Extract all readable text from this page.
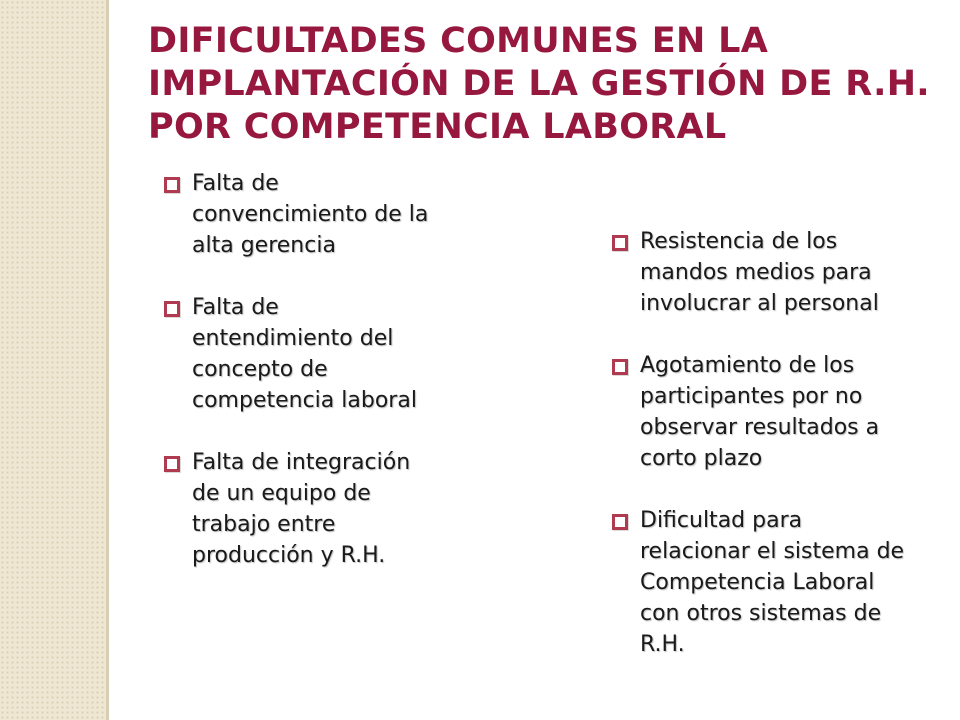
DIFICULTADES COMUNES EN LA IMPLANTACIÓN DE LA GESTIÓN DE R.H. POR COMPETENCIA LABORAL
Falta de convencimiento de la alta gerencia
Falta de entendimiento del concepto de competencia laboral
Falta de integración de un equipo de trabajo entre producción y R.H.
Resistencia de los mandos medios para involucrar al personal
Agotamiento de los participantes por no observar resultados a corto plazo
Dificultad para relacionar el sistema de Competencia Laboral con otros sistemas de R.H.
